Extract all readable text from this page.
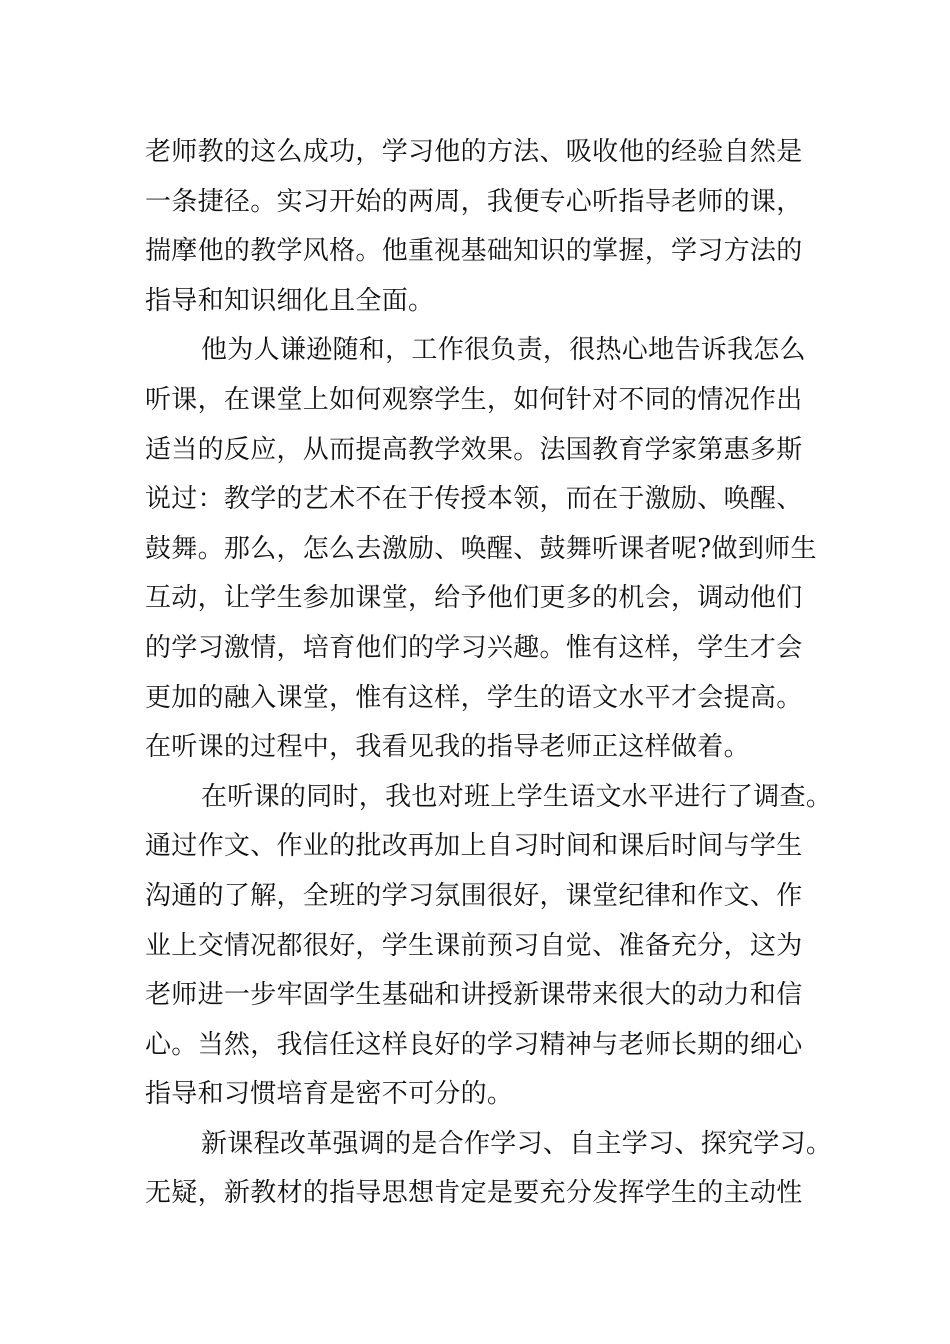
老师教的这么成功，学习他的方法、吸收他的经验自然是
一条捷径。实习开始的两周，我便专心听指导老师的课，
揣摩他的教学风格。他重视基础知识的掌握，学习方法的
指导和知识细化且全面。
他为人谦逊随和，工作很负责，很热心地告诉我怎么
听课，在课堂上如何观察学生，如何针对不同的情况作出
适当的反应，从而提高教学效果。法国教育学家第惠多斯
说过：教学的艺术不在于传授本领，而在于激励、唤醒、
鼓舞。那么，怎么去激励、唤醒、鼓舞听课者呢?做到师生
互动，让学生参加课堂，给予他们更多的机会，调动他们
的学习激情，培育他们的学习兴趣。惟有这样，学生才会
更加的融入课堂，惟有这样，学生的语文水平才会提高。
在听课的过程中，我看见我的指导老师正这样做着。
在听课的同时，我也对班上学生语文水平进行了调查。
通过作文、作业的批改再加上自习时间和课后时间与学生
沟通的了解，全班的学习氛围很好，课堂纪律和作文、作
业上交情况都很好，学生课前预习自觉、准备充分，这为
老师进一步牢固学生基础和讲授新课带来很大的动力和信
心。当然，我信任这样良好的学习精神与老师长期的细心
指导和习惯培育是密不可分的。
新课程改革强调的是合作学习、自主学习、探究学习。
无疑，新教材的指导思想肯定是要充分发挥学生的主动性
